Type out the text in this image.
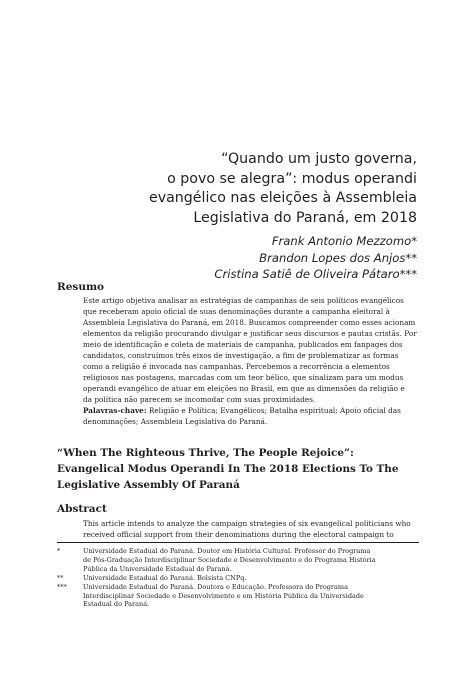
“Quando um justo governa,
o povo se alegra”: modus operandi
evangélico nas eleições à Assembleia
Legislativa do Paraná, em 2018
Frank Antonio Mezzomo*
Brandon Lopes dos Anjos**
Cristina Satiê de Oliveira Pátaro***
Resumo
Este artigo objetiva analisar as estratégias de campanhas de seis políticos evangélicos
que receberam apoio oficial de suas denominações durante a campanha eleitoral à
Assembleia Legislativa do Paraná, em 2018. Buscamos compreender como esses acionam
elementos da religião procurando divulgar e justificar seus discursos e pautas cristãs. Por
meio de identificação e coleta de materiais de campanha, publicados em fanpages dos
candidatos, construímos três eixos de investigação, a fim de problematizar as formas
como a religião é invocada nas campanhas. Percebemos a recorrência a elementos
religiosos nas postagens, marcadas com um teor bélico, que sinalizam para um modus
operandi evangélico de atuar em eleições no Brasil, em que as dimensões da religião e
da política não parecem se incomodar com suas proximidades.
Palavras-chave: Religião e Política; Evangélicos; Batalha espiritual; Apoio oficial das
denominações; Assembleia Legislativa do Paraná.
“When The Righteous Thrive, The People Rejoice”:
Evangelical Modus Operandi In The 2018 Elections To The
Legislative Assembly Of Paraná
Abstract
This article intends to analyze the campaign strategies of six evangelical politicians who
received official support from their denominations during the electoral campaign to
*	Universidade Estadual do Paraná. Doutor em História Cultural. Professor do Programa
de Pós-Graduação Interdisciplinar Sociedade e Desenvolvimento e do Programa História
Pública da Universidade Estadual do Paraná.
**	Universidade Estadual do Paraná. Bolsista CNPq.
***	Universidade Estadual do Paraná. Doutora e Educação. Professora do Programa
Interdisciplinar Sociedade e Desenvolvimento e em História Pública da Universidade
Estadual do Paraná.
